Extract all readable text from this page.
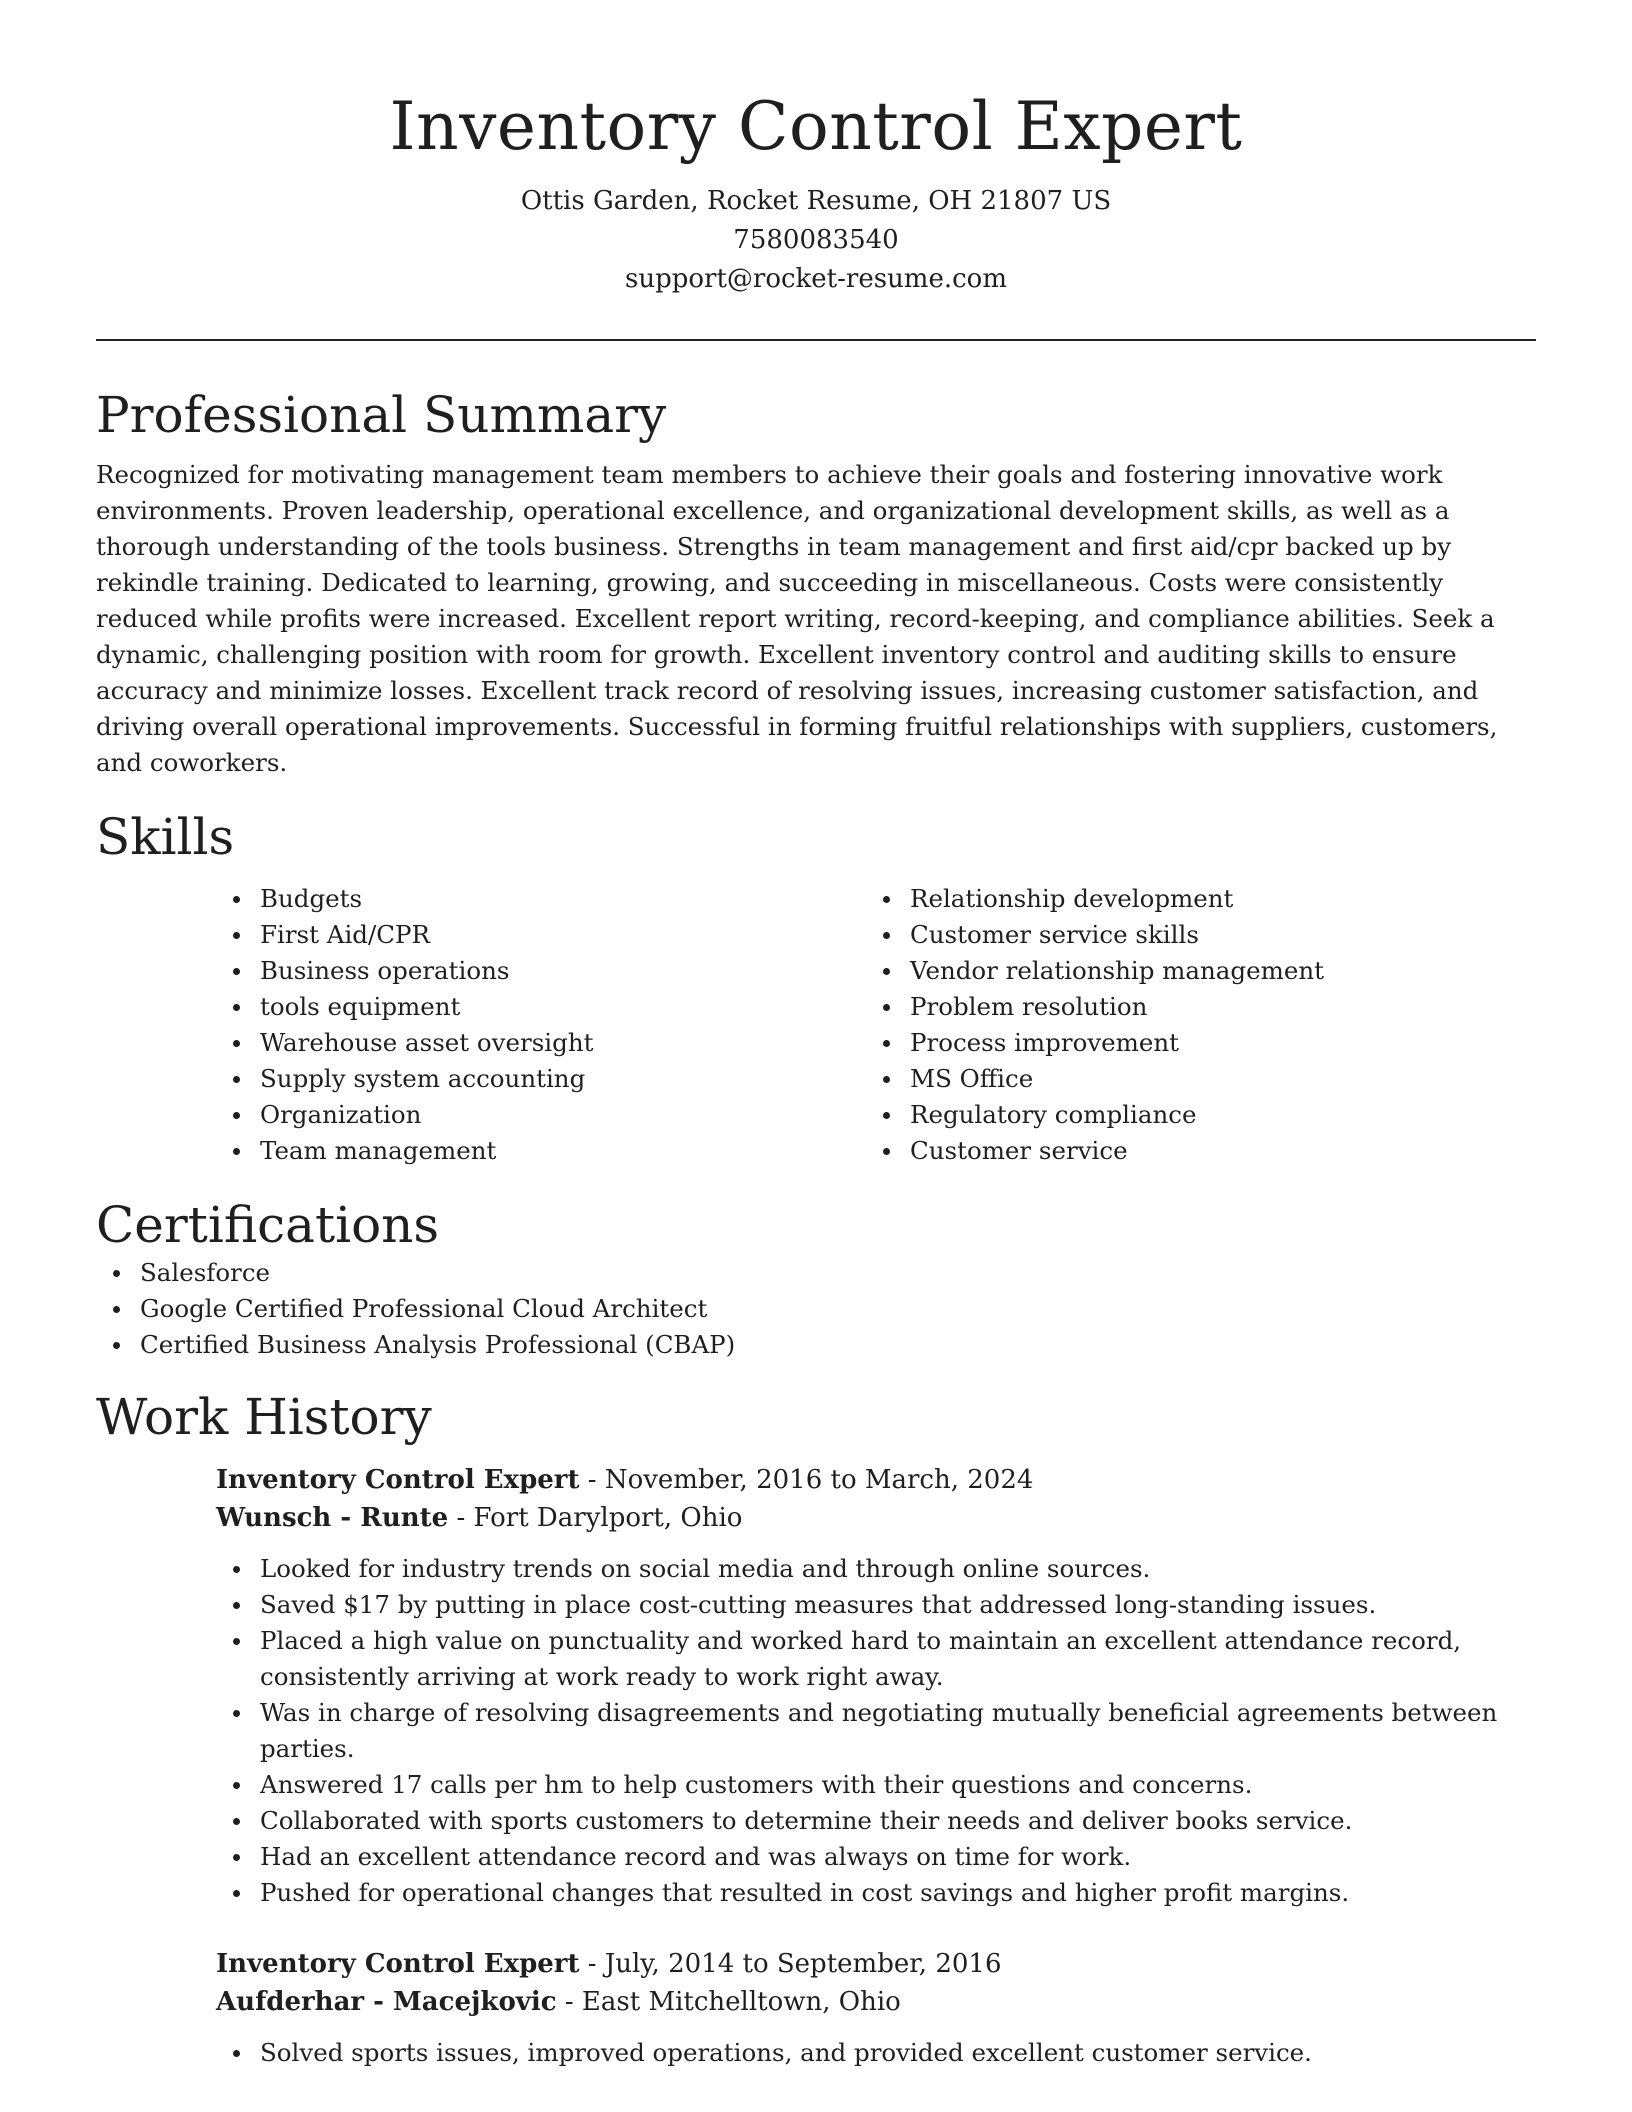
Inventory Control Expert
Ottis Garden, Rocket Resume, OH 21807 US
7580083540
support@rocket-resume.com
Professional Summary

Recognized for motivating management team members to achieve their goals and fostering innovative work environments. Proven leadership, operational excellence, and organizational development skills, as well as a thorough understanding of the tools business. Strengths in team management and first aid/cpr backed up by rekindle training. Dedicated to learning, growing, and succeeding in miscellaneous. Costs were consistently reduced while profits were increased. Excellent report writing, record-keeping, and compliance abilities. Seek a dynamic, challenging position with room for growth. Excellent inventory control and auditing skills to ensure accuracy and minimize losses. Excellent track record of resolving issues, increasing customer satisfaction, and driving overall operational improvements. Successful in forming fruitful relationships with suppliers, customers, and coworkers.

Skills
Budgets
First Aid/CPR
Business operations
tools equipment
Warehouse asset oversight
Supply system accounting
Organization
Team management
Relationship development
Customer service skills
Vendor relationship management
Problem resolution
Process improvement
MS Office
Regulatory compliance
Customer service
Certifications
Salesforce
Google Certified Professional Cloud Architect
Certified Business Analysis Professional (CBAP)
Work History
Inventory Control Expert - November, 2016 to March, 2024
Wunsch - Runte - Fort Darylport, Ohio
Looked for industry trends on social media and through online sources.
Saved $17 by putting in place cost-cutting measures that addressed long-standing issues.
Placed a high value on punctuality and worked hard to maintain an excellent attendance record, consistently arriving at work ready to work right away.
Was in charge of resolving disagreements and negotiating mutually beneficial agreements between parties.
Answered 17 calls per hm to help customers with their questions and concerns.
Collaborated with sports customers to determine their needs and deliver books service.
Had an excellent attendance record and was always on time for work.
Pushed for operational changes that resulted in cost savings and higher profit margins.
Inventory Control Expert - July, 2014 to September, 2016
Aufderhar - Macejkovic - East Mitchelltown, Ohio
Solved sports issues, improved operations, and provided excellent customer service.
